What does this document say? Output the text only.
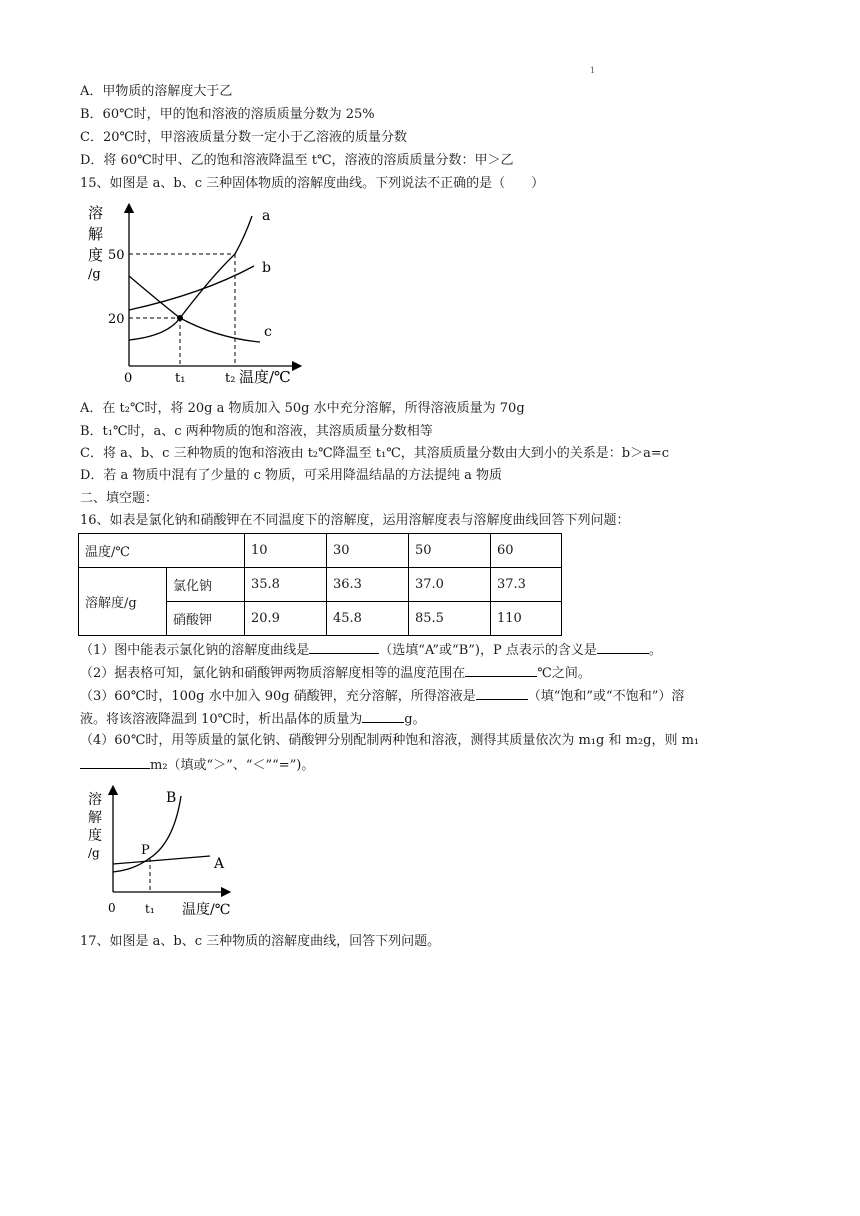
1
A．甲物质的溶解度大于乙
B．60℃时，甲的饱和溶液的溶质质量分数为 25%
C．20℃时，甲溶液质量分数一定小于乙溶液的质量分数
D．将 60℃时甲、乙的饱和溶液降温至 t℃，溶液的溶质质量分数：甲＞乙
15、如图是 a、b、c 三种固体物质的溶解度曲线。下列说法不正确的是（　　）
溶
解
度
/g
50
20
0	t₁	t₂ 温度/℃
a
b
c
A．在 t₂℃时，将 20g a 物质加入 50g 水中充分溶解，所得溶液质量为 70g
B．t₁℃时，a、c 两种物质的饱和溶液，其溶质质量分数相等
C．将 a、b、c 三种物质的饱和溶液由 t₂℃降温至 t₁℃，其溶质质量分数由大到小的关系是：b＞a=c
D．若 a 物质中混有了少量的 c 物质，可采用降温结晶的方法提纯 a 物质
二、填空题：
16、如表是氯化钠和硝酸钾在不同温度下的溶解度，运用溶解度表与溶解度曲线回答下列问题：
温度/℃		10	30	50	60
溶解度/g	氯化钠	35.8	36.3	37.0	37.3
	硝酸钾	20.9	45.8	85.5	110
（1）图中能表示氯化钠的溶解度曲线是	（选填“A”或“B”)，P 点表示的含义是	。
（2）据表格可知，氯化钠和硝酸钾两物质溶解度相等的温度范围在	℃之间。
（3）60℃时，100g 水中加入 90g 硝酸钾，充分溶解，所得溶液是	（填“饱和”或“不饱和”）溶
液。将该溶液降温到 10℃时，析出晶体的质量为	g。
（4）60℃时，用等质量的氯化钠、硝酸钾分别配制两种饱和溶液，测得其质量依次为 m₁g 和 m₂g，则 m₁
m₂（填或“＞”、“＜”“=”)。
溶
解
度
/g
B
A
P
0 t₁ 温度/℃
17、如图是 a、b、c 三种物质的溶解度曲线，回答下列问题。
